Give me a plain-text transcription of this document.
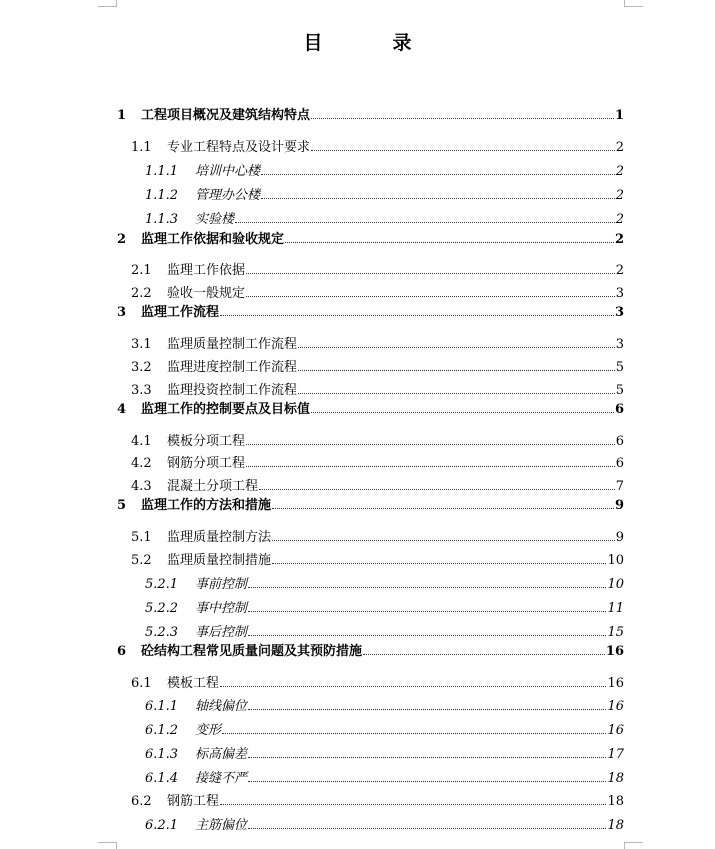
目	录
1	工程项目概况及建筑结构特点	1
1.1	专业工程特点及设计要求	2
1.1.1	培训中心楼	2
1.1.2	管理办公楼	2
1.1.3	实验楼	2
2	监理工作依据和验收规定	2
2.1	监理工作依据	2
2.2	验收一般规定	3
3	监理工作流程	3
3.1	监理质量控制工作流程	3
3.2	监理进度控制工作流程	5
3.3	监理投资控制工作流程	5
4	监理工作的控制要点及目标值	6
4.1	模板分项工程	6
4.2	钢筋分项工程	6
4.3	混凝土分项工程	7
5	监理工作的方法和措施	9
5.1	监理质量控制方法	9
5.2	监理质量控制措施	10
5.2.1	事前控制	10
5.2.2	事中控制	11
5.2.3	事后控制	15
6	砼结构工程常见质量问题及其预防措施	16
6.1	模板工程	16
6.1.1	轴线偏位	16
6.1.2	变形	16
6.1.3	标高偏差	17
6.1.4	接缝不严	18
6.2	钢筋工程	18
6.2.1	主筋偏位	18
